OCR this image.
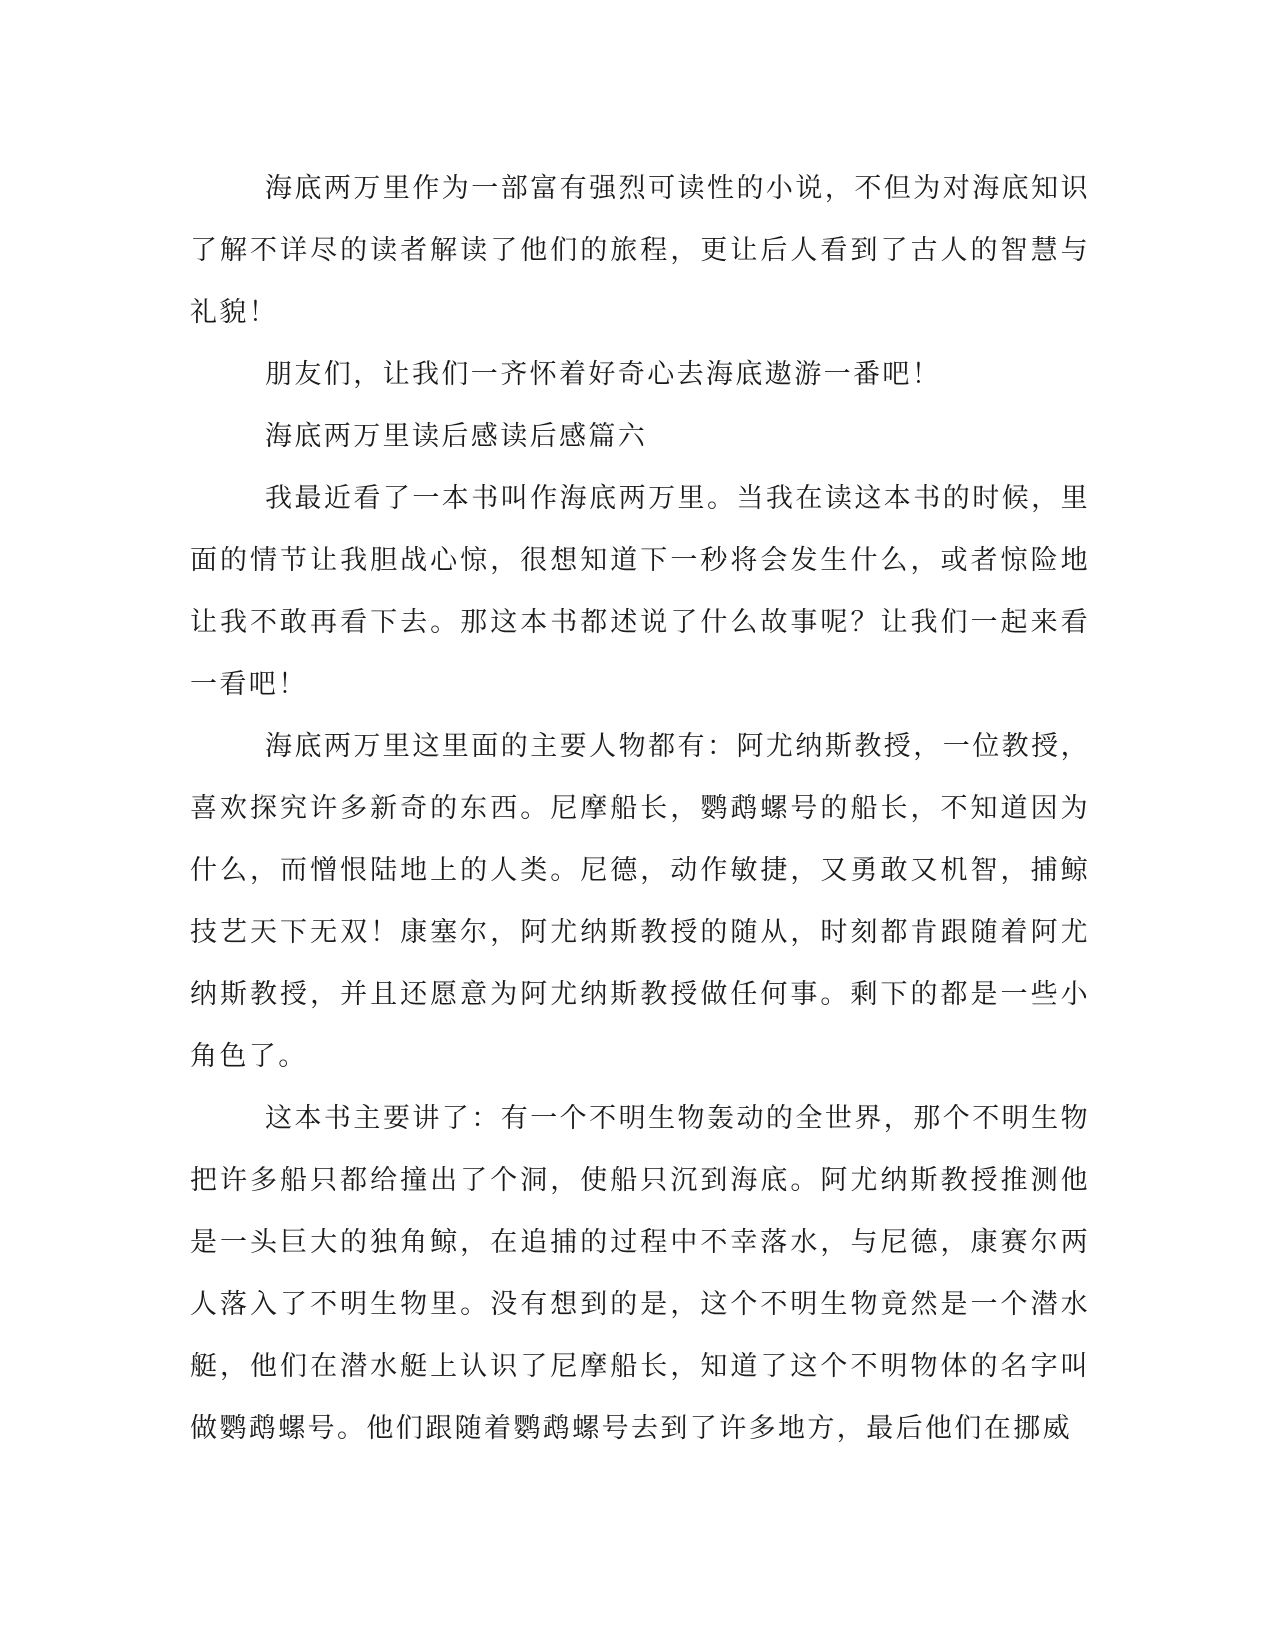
海底两万里作为一部富有强烈可读性的小说，不但为对海底知识了解不详尽的读者解读了他们的旅程，更让后人看到了古人的智慧与礼貌！

朋友们，让我们一齐怀着好奇心去海底遨游一番吧！

海底两万里读后感读后感篇六

我最近看了一本书叫作海底两万里。当我在读这本书的时候，里面的情节让我胆战心惊，很想知道下一秒将会发生什么，或者惊险地让我不敢再看下去。那这本书都述说了什么故事呢？让我们一起来看一看吧！

海底两万里这里面的主要人物都有：阿尤纳斯教授，一位教授，喜欢探究许多新奇的东西。尼摩船长，鹦鹉螺号的船长，不知道因为什么，而憎恨陆地上的人类。尼德，动作敏捷，又勇敢又机智，捕鲸技艺天下无双！康塞尔，阿尤纳斯教授的随从，时刻都肯跟随着阿尤纳斯教授，并且还愿意为阿尤纳斯教授做任何事。剩下的都是一些小角色了。

这本书主要讲了：有一个不明生物轰动的全世界，那个不明生物把许多船只都给撞出了个洞，使船只沉到海底。阿尤纳斯教授推测他是一头巨大的独角鲸，在追捕的过程中不幸落水，与尼德，康赛尔两人落入了不明生物里。没有想到的是，这个不明生物竟然是一个潜水艇，他们在潜水艇上认识了尼摩船长，知道了这个不明物体的名字叫做鹦鹉螺号。他们跟随着鹦鹉螺号去到了许多地方，最后他们在挪威
